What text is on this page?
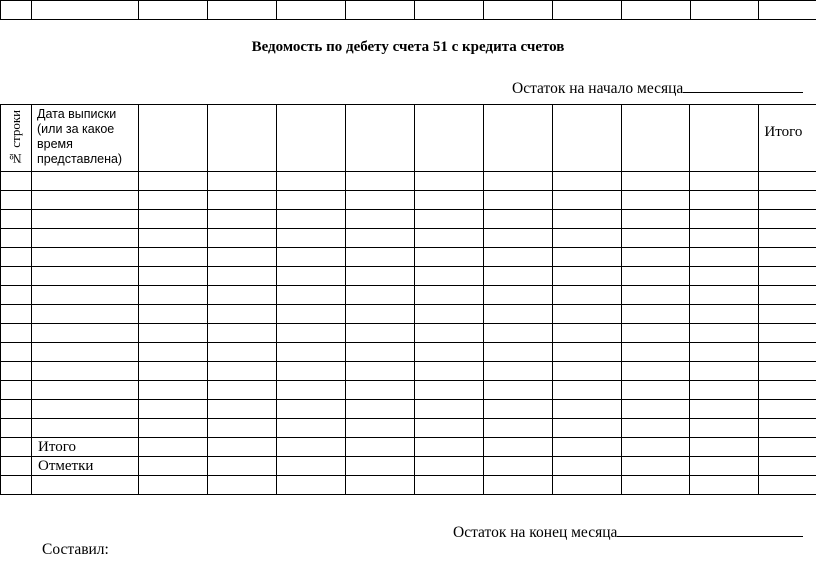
Ведомость по дебету счета 51 с кредита счетов
Остаток на начало месяца
№ строки	Дата выписки (или за какое время представлена)										Итого

	Итого										

	Отметки										

Остаток на конец месяца
Составил:
